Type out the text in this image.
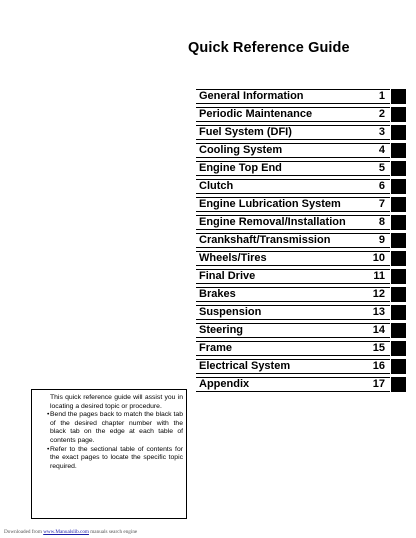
Quick Reference Guide
General Information	1
Periodic Maintenance	2
Fuel System (DFI)	3
Cooling System	4
Engine Top End	5
Clutch	6
Engine Lubrication System	7
Engine Removal/Installation	8
Crankshaft/Transmission	9
Wheels/Tires	10
Final Drive	11
Brakes	12
Suspension	13
Steering	14
Frame	15
Electrical System	16
Appendix	17

This quick reference guide will assist you in locating a desired topic or procedure.

• Bend the pages back to match the black tab of the desired chapter number with the black tab on the edge at each table of contents page.

• Refer to the sectional table of contents for the exact pages to locate the specific topic required.

Downloaded from www.Manualslib.com manuals search engine
